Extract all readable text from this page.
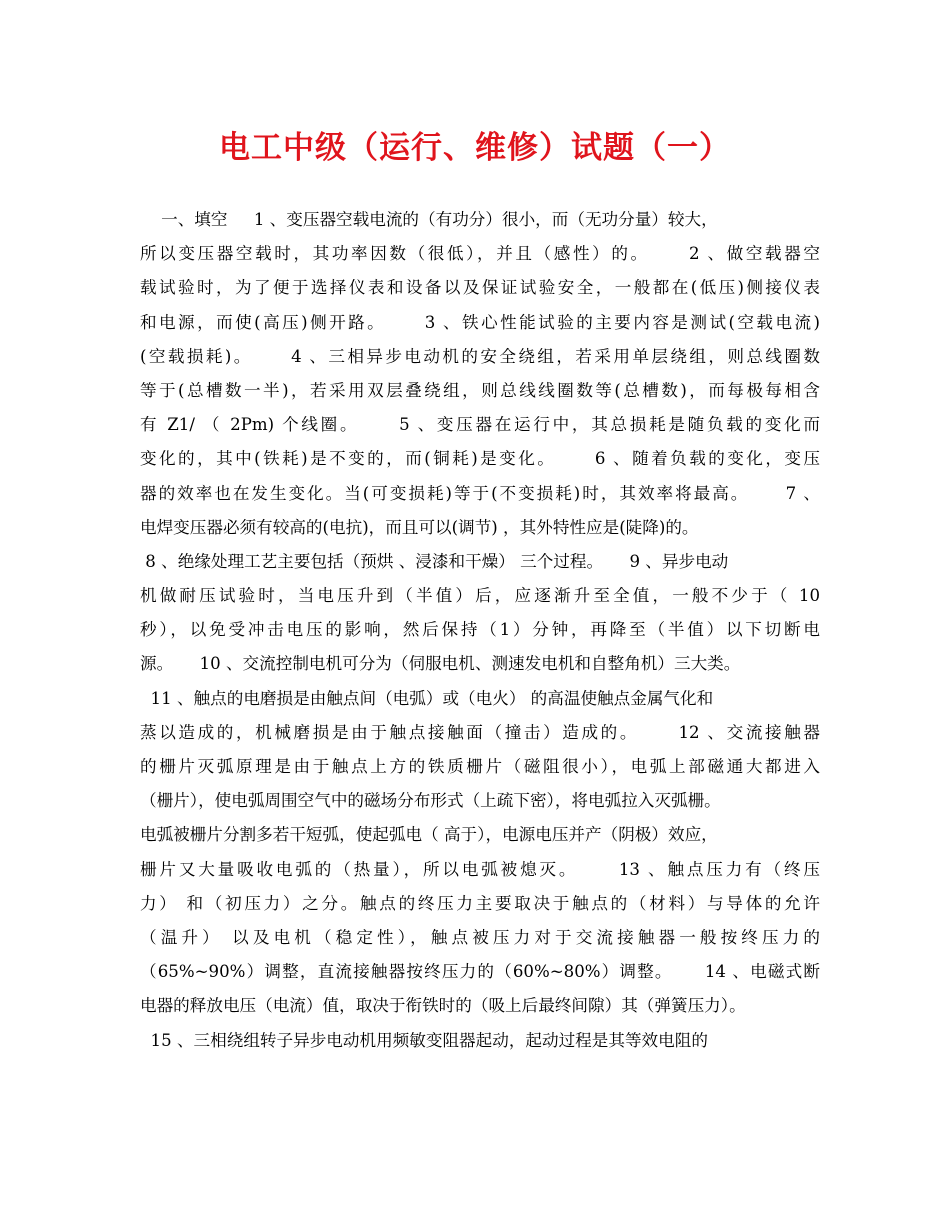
电工中级（运行、维修）试题（一）
一、填空     1 、变压器空载电流的（有功分）很小，而（无功分量）较大，
所以变压器空载时，其功率因数（很低），并且（感性）的。     2 、做空载器空
载试验时，为了便于选择仪表和设备以及保证试验安全，一般都在(低压)侧接仪表
和电源，而使(高压)侧开路。     3 、铁心性能试验的主要内容是测试(空载电流)
(空载损耗)。     4 、三相异步电动机的安全绕组，若采用单层绕组，则总线圈数
等于(总槽数一半)，若采用双层叠绕组，则总线线圈数等(总槽数)，而每极每相含
有 Z1/ （ 2Pm) 个线圈。     5 、变压器在运行中，其总损耗是随负载的变化而
变化的，其中(铁耗)是不变的，而(铜耗)是变化。     6 、随着负载的变化，变压
器的效率也在发生变化。当(可变损耗)等于(不变损耗)时，其效率将最高。     7 、
电焊变压器必须有较高的(电抗)，而且可以(调节) ，其外特性应是(陡降)的。
8 、绝缘处理工艺主要包括（预烘 、浸漆和干燥） 三个过程。     9 、异步电动
机做耐压试验时，当电压升到（半值）后，应逐渐升至全值，一般不少于（ 10
秒），以免受冲击电压的影响，然后保持（1）分钟，再降至（半值）以下切断电
源。     10 、交流控制电机可分为（伺服电机、测速发电机和自整角机）三大类。
11 、触点的电磨损是由触点间（电弧）或（电火） 的高温使触点金属气化和
蒸以造成的，机械磨损是由于触点接触面（撞击）造成的。     12 、交流接触器
的栅片灭弧原理是由于触点上方的铁质栅片（磁阻很小），电弧上部磁通大都进入
（栅片），使电弧周围空气中的磁场分布形式（上疏下密），将电弧拉入灭弧栅。
电弧被栅片分割多若干短弧，使起弧电（ 高于），电源电压并产（阴极）效应，
栅片又大量吸收电弧的（热量），所以电弧被熄灭。     13 、触点压力有（终压
力） 和（初压力）之分。触点的终压力主要取决于触点的（材料）与导体的允许
（温升） 以及电机（稳定性），触点被压力对于交流接触器一般按终压力的
（65%~90%）调整，直流接触器按终压力的（60%~80%）调整。     14 、电磁式断
电器的释放电压（电流）值，取决于衔铁时的（吸上后最终间隙）其（弹簧压力）。
15 、三相绕组转子异步电动机用频敏变阻器起动，起动过程是其等效电阻的
